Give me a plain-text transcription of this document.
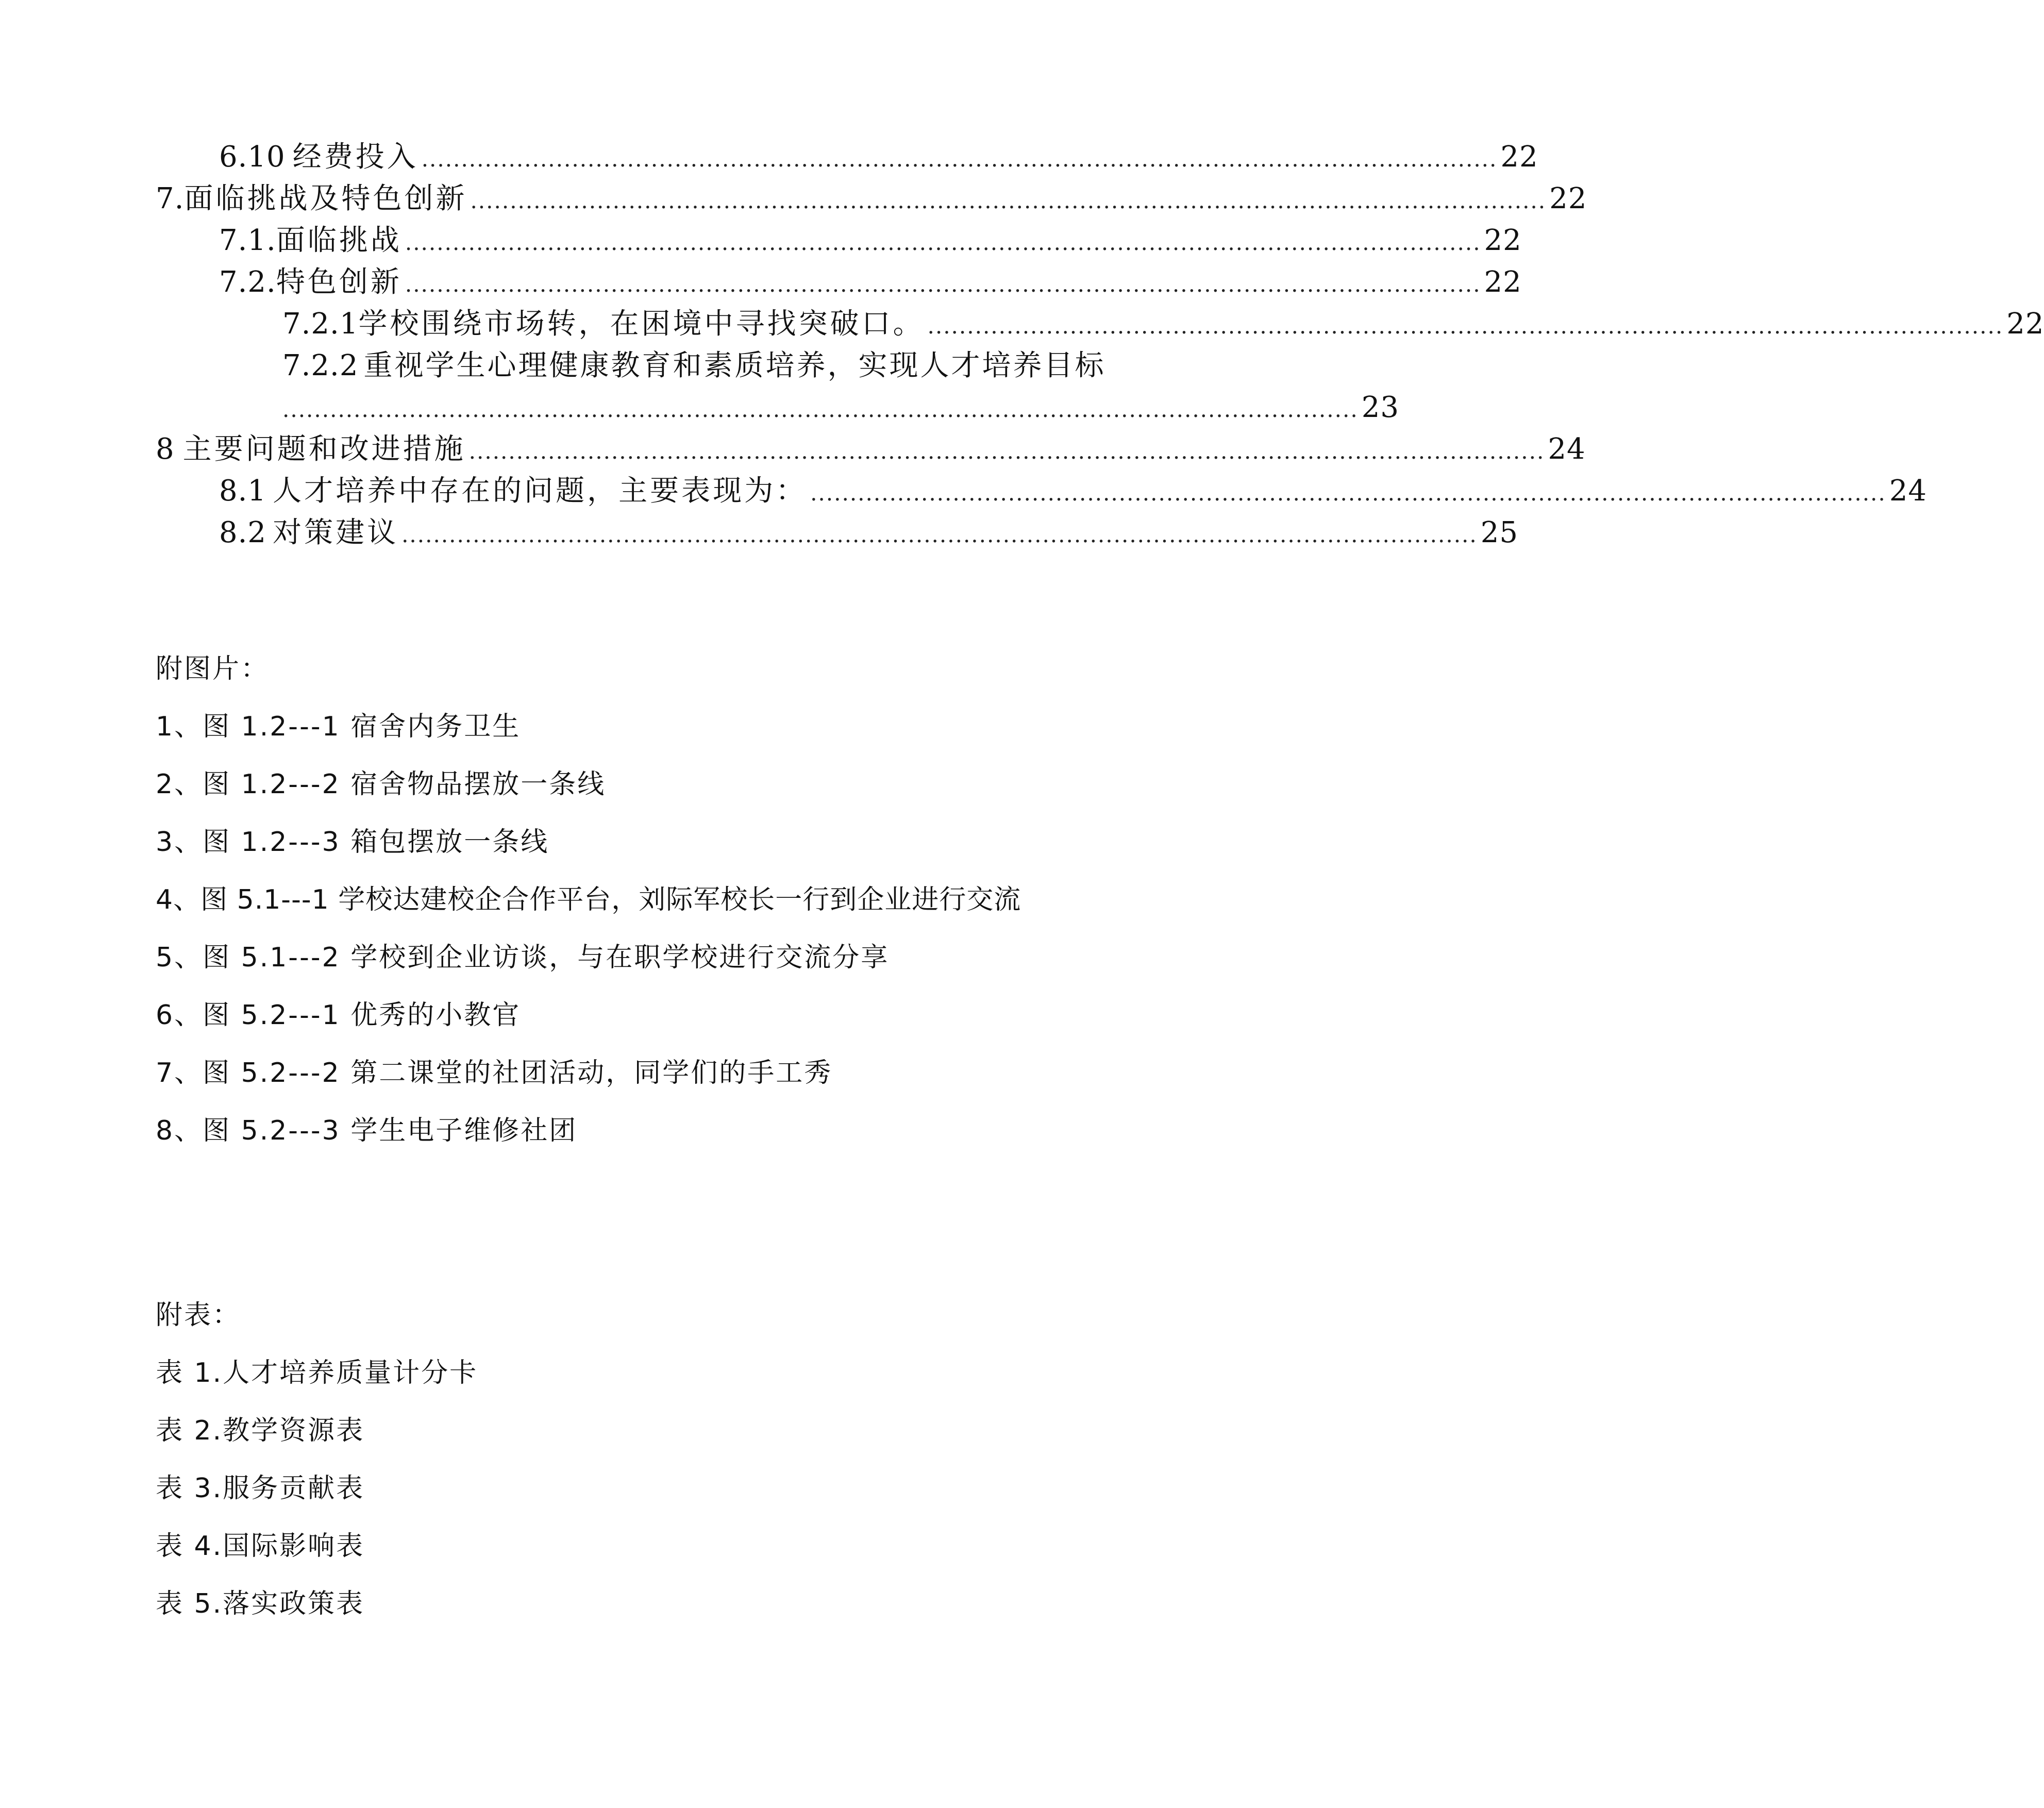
6.10 经费投入 ........................................................................................................................................ 22
7. 面临挑战及特色创新 ........................................................................................................................................ 22
7.1. 面临挑战 ........................................................................................................................................ 22
7.2. 特色创新 ........................................................................................................................................ 22
7.2.1 学校围绕市场转，在困境中寻找突破口。 ........................................................................................................................................ 22
7.2.2 重视学生心理健康教育和素质培养，实现人才培养目标
........................................................................................................................................ 23
8 主要问题和改进措施 ........................................................................................................................................ 24
8.1 人才培养中存在的问题，主要表现为： ........................................................................................................................................ 24
8.2 对策建议 ........................................................................................................................................ 25
附图片：
1、图 1.2---1 宿舍内务卫生
2、图 1.2---2 宿舍物品摆放一条线
3、图 1.2---3 箱包摆放一条线
4、图 5.1---1 学校达建校企合作平台，刘际军校长一行到企业进行交流
5、图 5.1---2 学校到企业访谈，与在职学校进行交流分享
6、图 5.2---1 优秀的小教官
7、图 5.2---2 第二课堂的社团活动，同学们的手工秀
8、图 5.2---3 学生电子维修社团
附表：
表 1.人才培养质量计分卡
表 2.教学资源表
表 3.服务贡献表
表 4.国际影响表
表 5.落实政策表
